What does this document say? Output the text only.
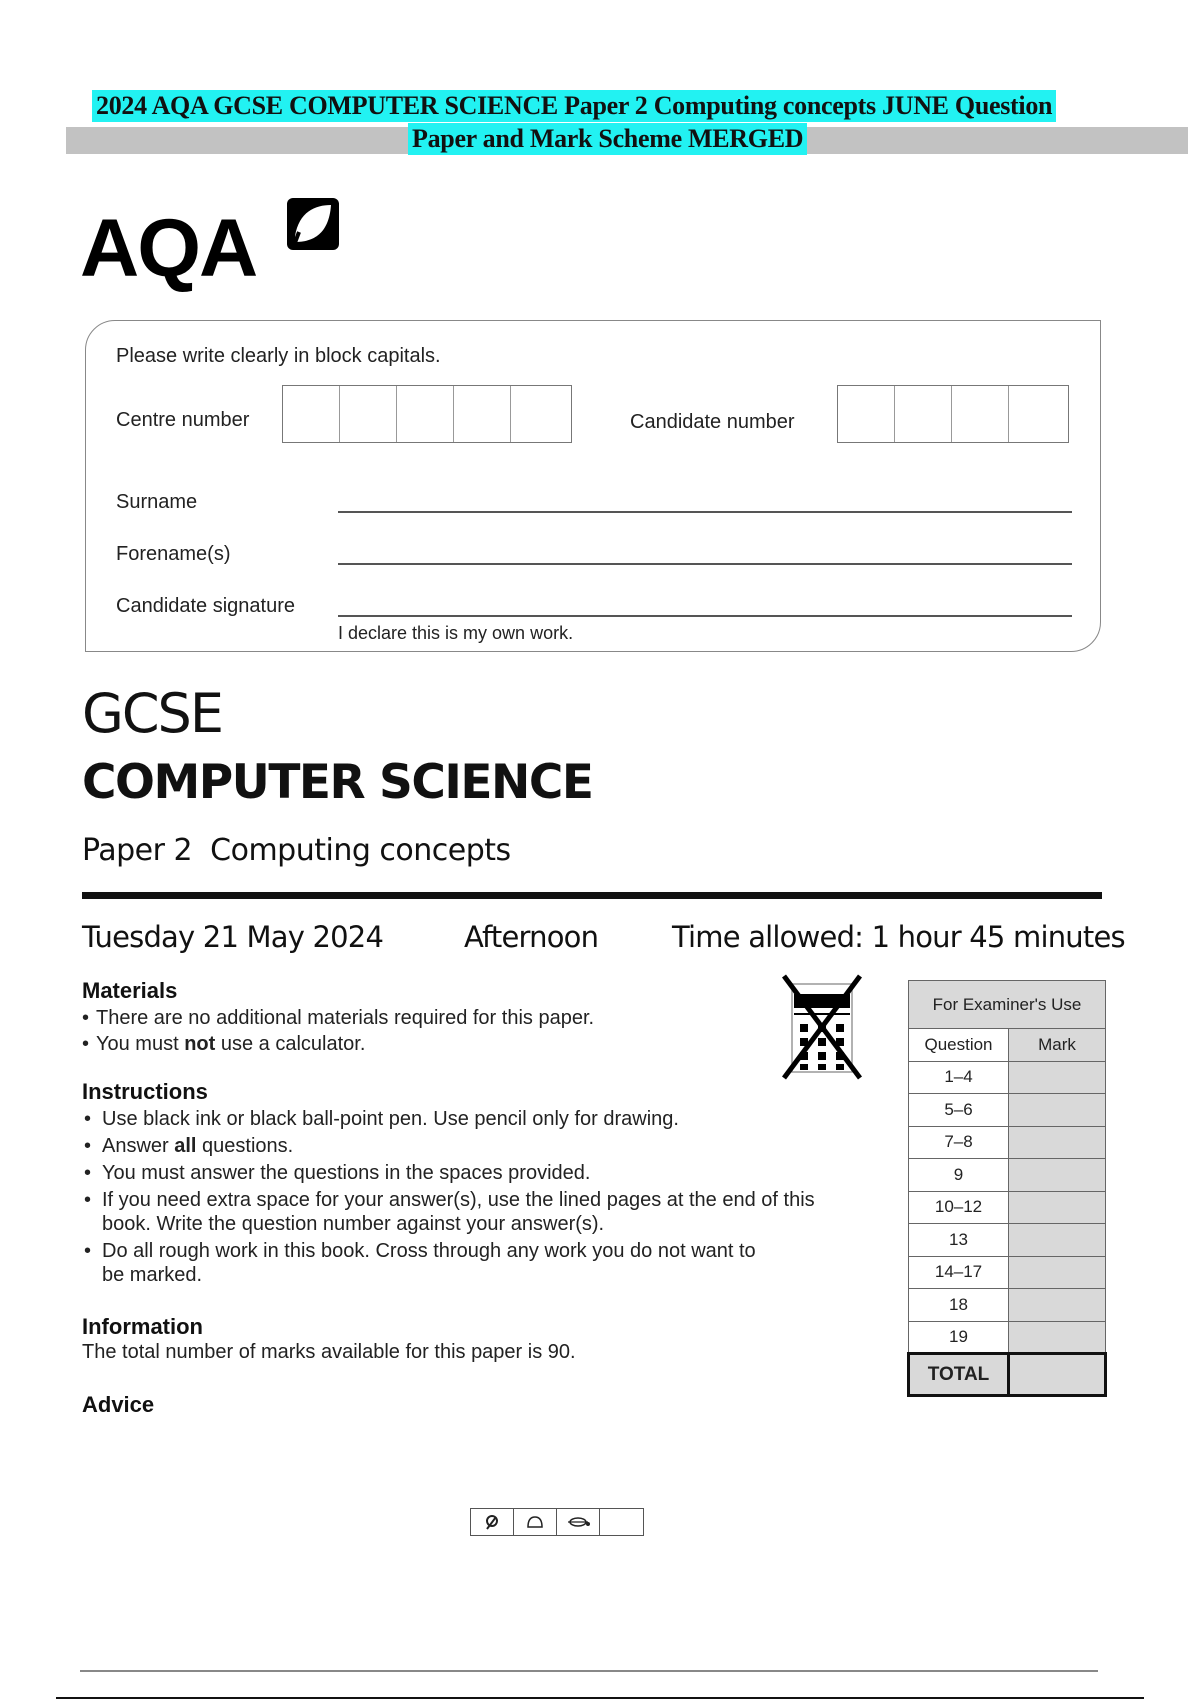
2024 AQA GCSE COMPUTER SCIENCE Paper 2 Computing concepts JUNE Question
Paper and Mark Scheme MERGED
AQA
Please write clearly in block capitals.
Centre number	Candidate number
Surname
Forename(s)
Candidate signature
I declare this is my own work.
GCSE
COMPUTER SCIENCE
Paper 2  Computing concepts
Tuesday 21 May 2024	Afternoon	Time allowed: 1 hour 45 minutes
Materials
• There are no additional materials required for this paper.
• You must not use a calculator.
Instructions
• Use black ink or black ball-point pen. Use pencil only for drawing.
• Answer all questions.
• You must answer the questions in the spaces provided.
• If you need extra space for your answer(s), use the lined pages at the end of this book. Write the question number against your answer(s).
• Do all rough work in this book. Cross through any work you do not want to be marked.
Information
The total number of marks available for this paper is 90.
Advice
For Examiner's Use	
Question	Mark
1–4	
5–6	
7–8	
9	
10–12	
13	
14–17	
18	
19	
TOTAL	
